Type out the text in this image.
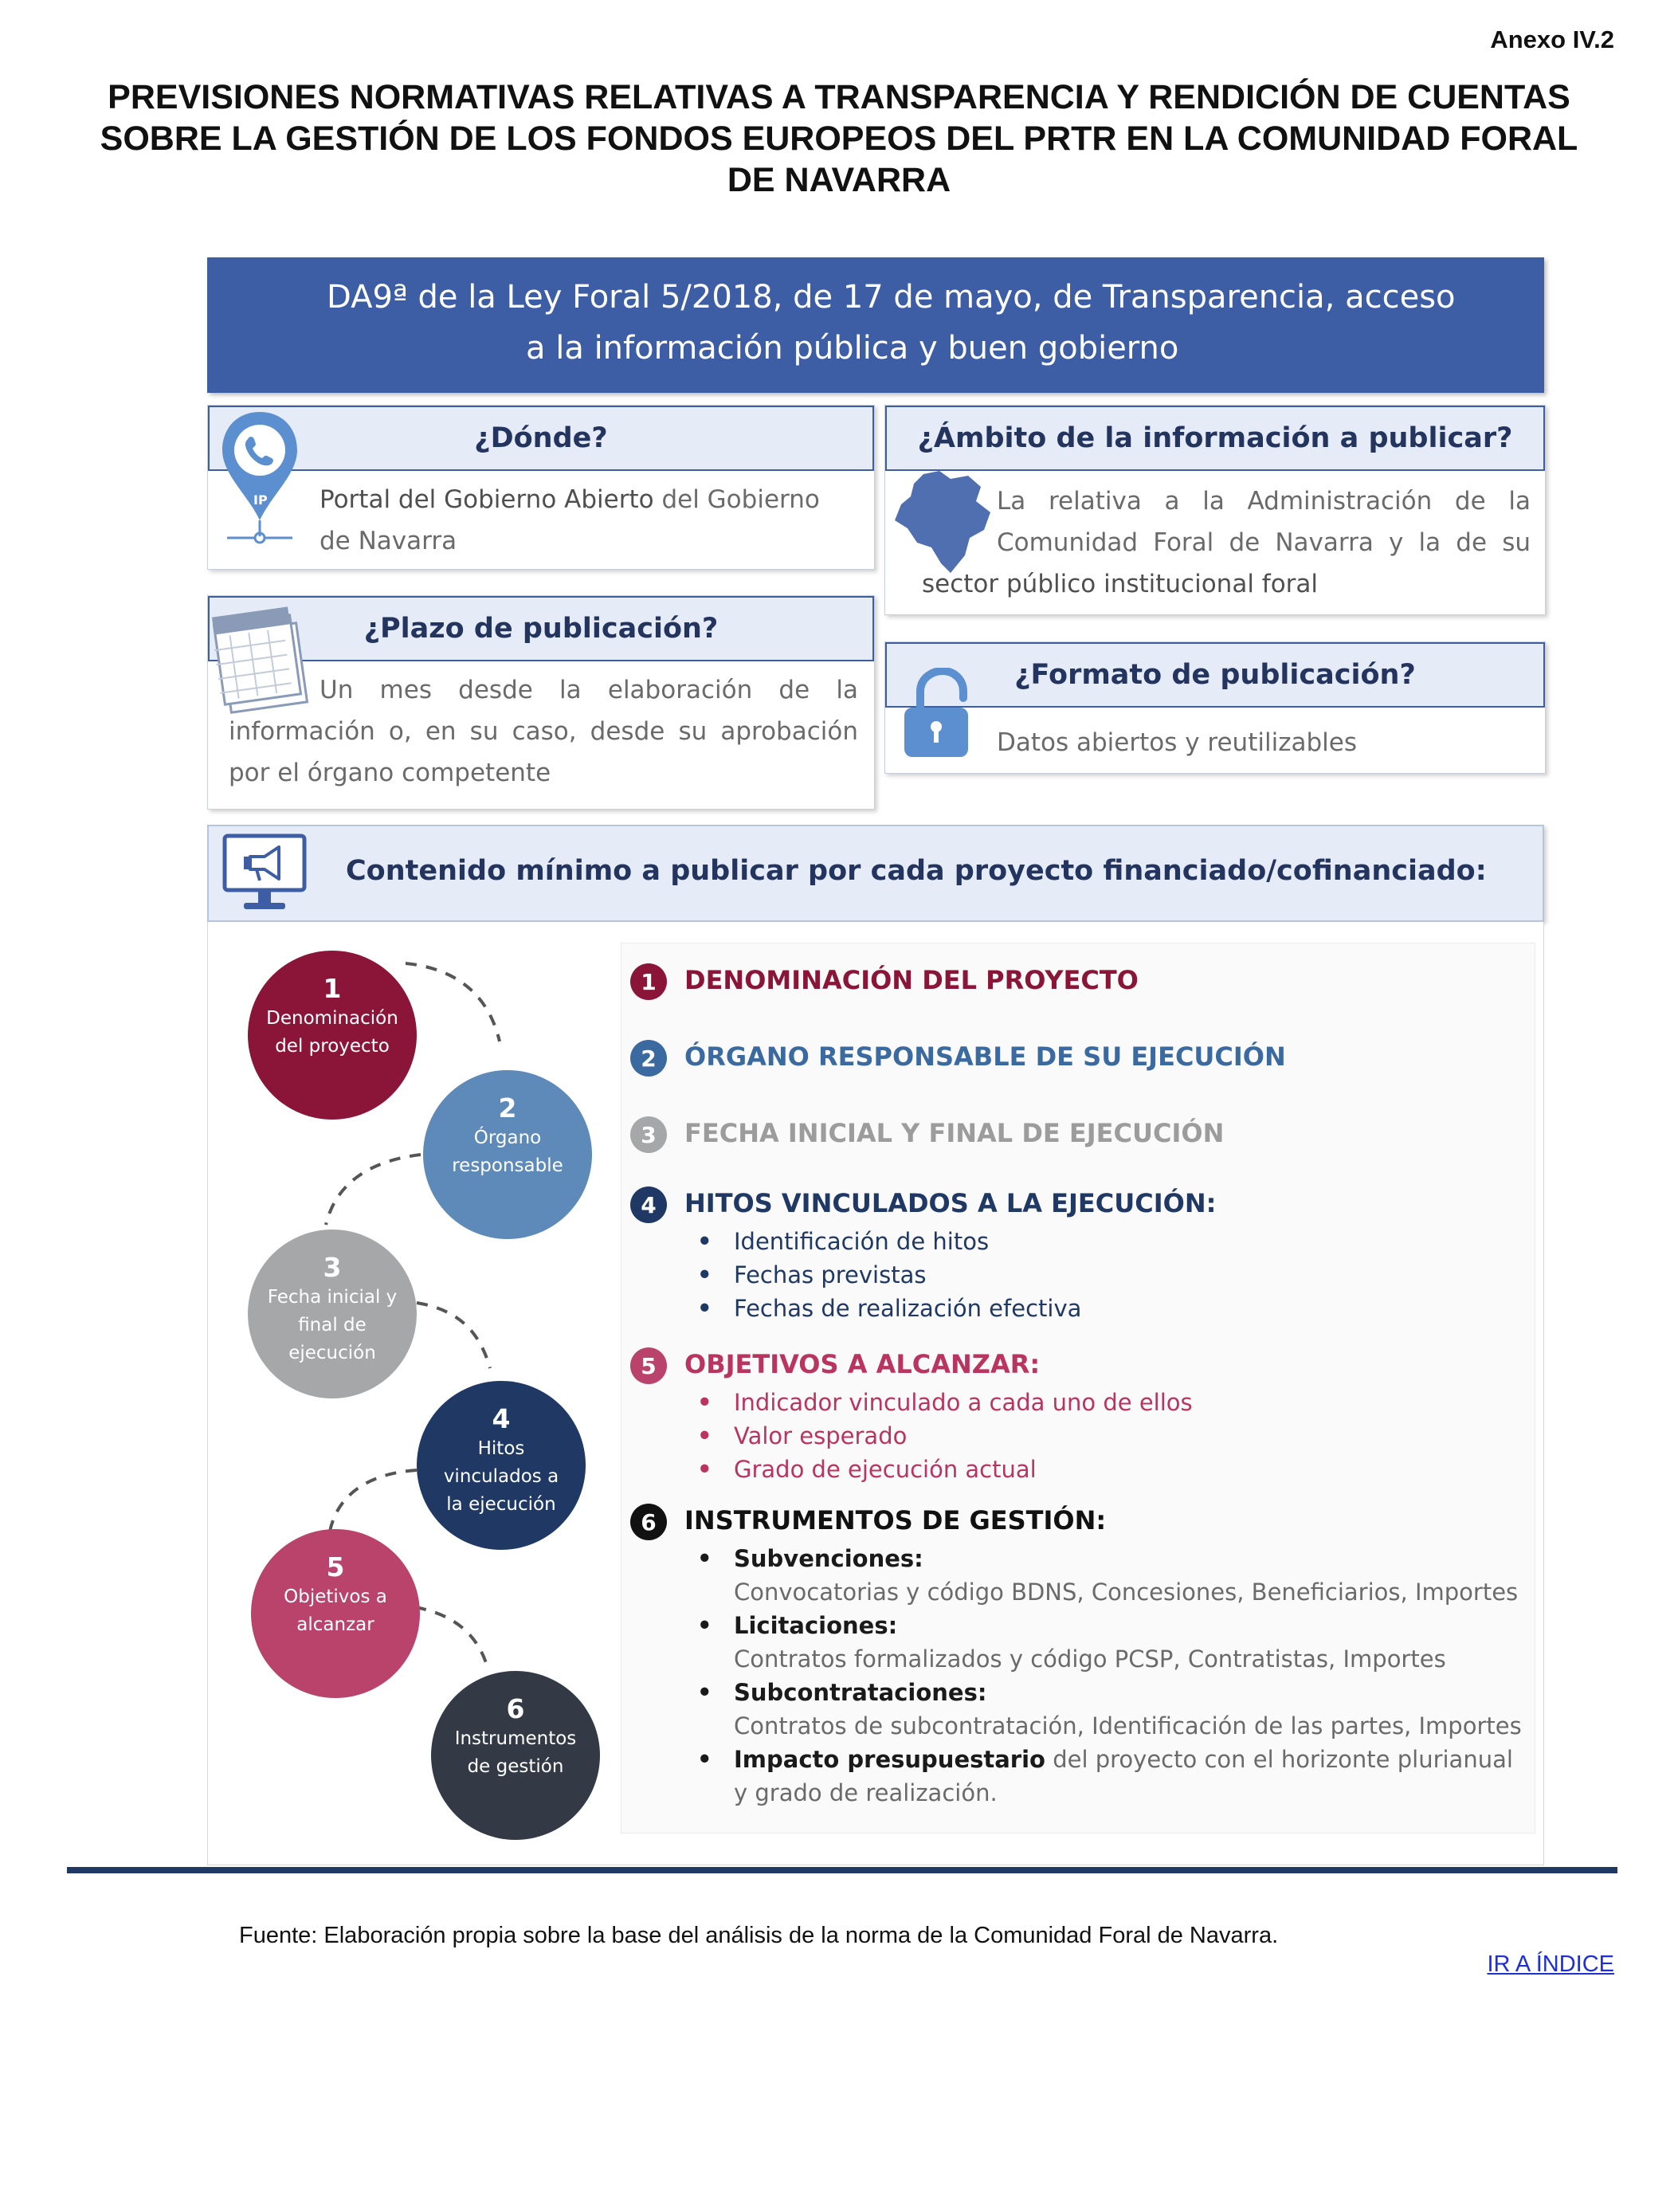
Anexo IV.2
PREVISIONES NORMATIVAS RELATIVAS A TRANSPARENCIA Y RENDICIÓN DE CUENTAS
SOBRE LA GESTIÓN DE LOS FONDOS EUROPEOS DEL PRTR EN LA COMUNIDAD FORAL
DE NAVARRA
DA9ª de la Ley Foral 5/2018, de 17 de mayo, de Transparencia, acceso
a la información pública y buen gobierno
¿Dónde?
IP Portal del Gobierno Abierto del Gobierno
de Navarra
¿Ámbito de la información a publicar?
La relativa a la Administración de la
Comunidad Foral de Navarra y la de su
sector público institucional foral
¿Plazo de publicación?
Un mes desde la elaboración de la
información o, en su caso, desde su aprobación
por el órgano competente
¿Formato de publicación?
Datos abiertos y reutilizables
Contenido mínimo a publicar por cada proyecto financiado/cofinanciado:
1
Denominación del proyecto
2
Órgano responsable
3
Fecha inicial y final de ejecución
4
Hitos vinculados a la ejecución
5
Objetivos a alcanzar
6
Instrumentos de gestión
1	DENOMINACIÓN DEL PROYECTO
2	ÓRGANO RESPONSABLE DE SU EJECUCIÓN
3	FECHA INICIAL Y FINAL DE EJECUCIÓN
4	HITOS VINCULADOS A LA EJECUCIÓN:
• Identificación de hitos
• Fechas previstas
• Fechas de realización efectiva
5	OBJETIVOS A ALCANZAR:
• Indicador vinculado a cada uno de ellos
• Valor esperado
• Grado de ejecución actual
6	INSTRUMENTOS DE GESTIÓN:
• Subvenciones:
Convocatorias y código BDNS, Concesiones, Beneficiarios, Importes
• Licitaciones:
Contratos formalizados y código PCSP, Contratistas, Importes
• Subcontrataciones:
Contratos de subcontratación, Identificación de las partes, Importes
• Impacto presupuestario del proyecto con el horizonte plurianual
y grado de realización.
Fuente: Elaboración propia sobre la base del análisis de la norma de la Comunidad Foral de Navarra.
IR A ÍNDICE
